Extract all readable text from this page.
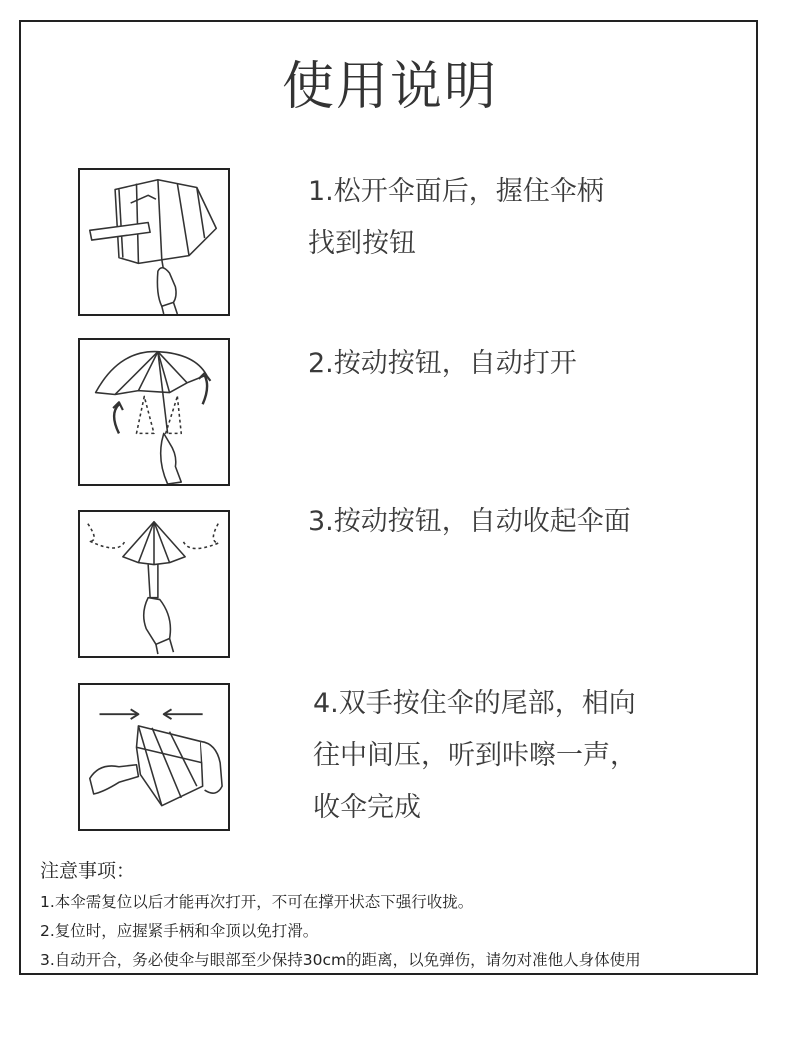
使用说明
1.松开伞面后，握住伞柄
找到按钮
2.按动按钮，自动打开
3.按动按钮，自动收起伞面
4.双手按住伞的尾部，相向
往中间压，听到咔嚓一声，
收伞完成
注意事项：
1.本伞需复位以后才能再次打开，不可在撑开状态下强行收拢。
2.复位时，应握紧手柄和伞顶以免打滑。
3.自动开合，务必使伞与眼部至少保持30cm的距离，以免弹伤，请勿对准他人身体使用
